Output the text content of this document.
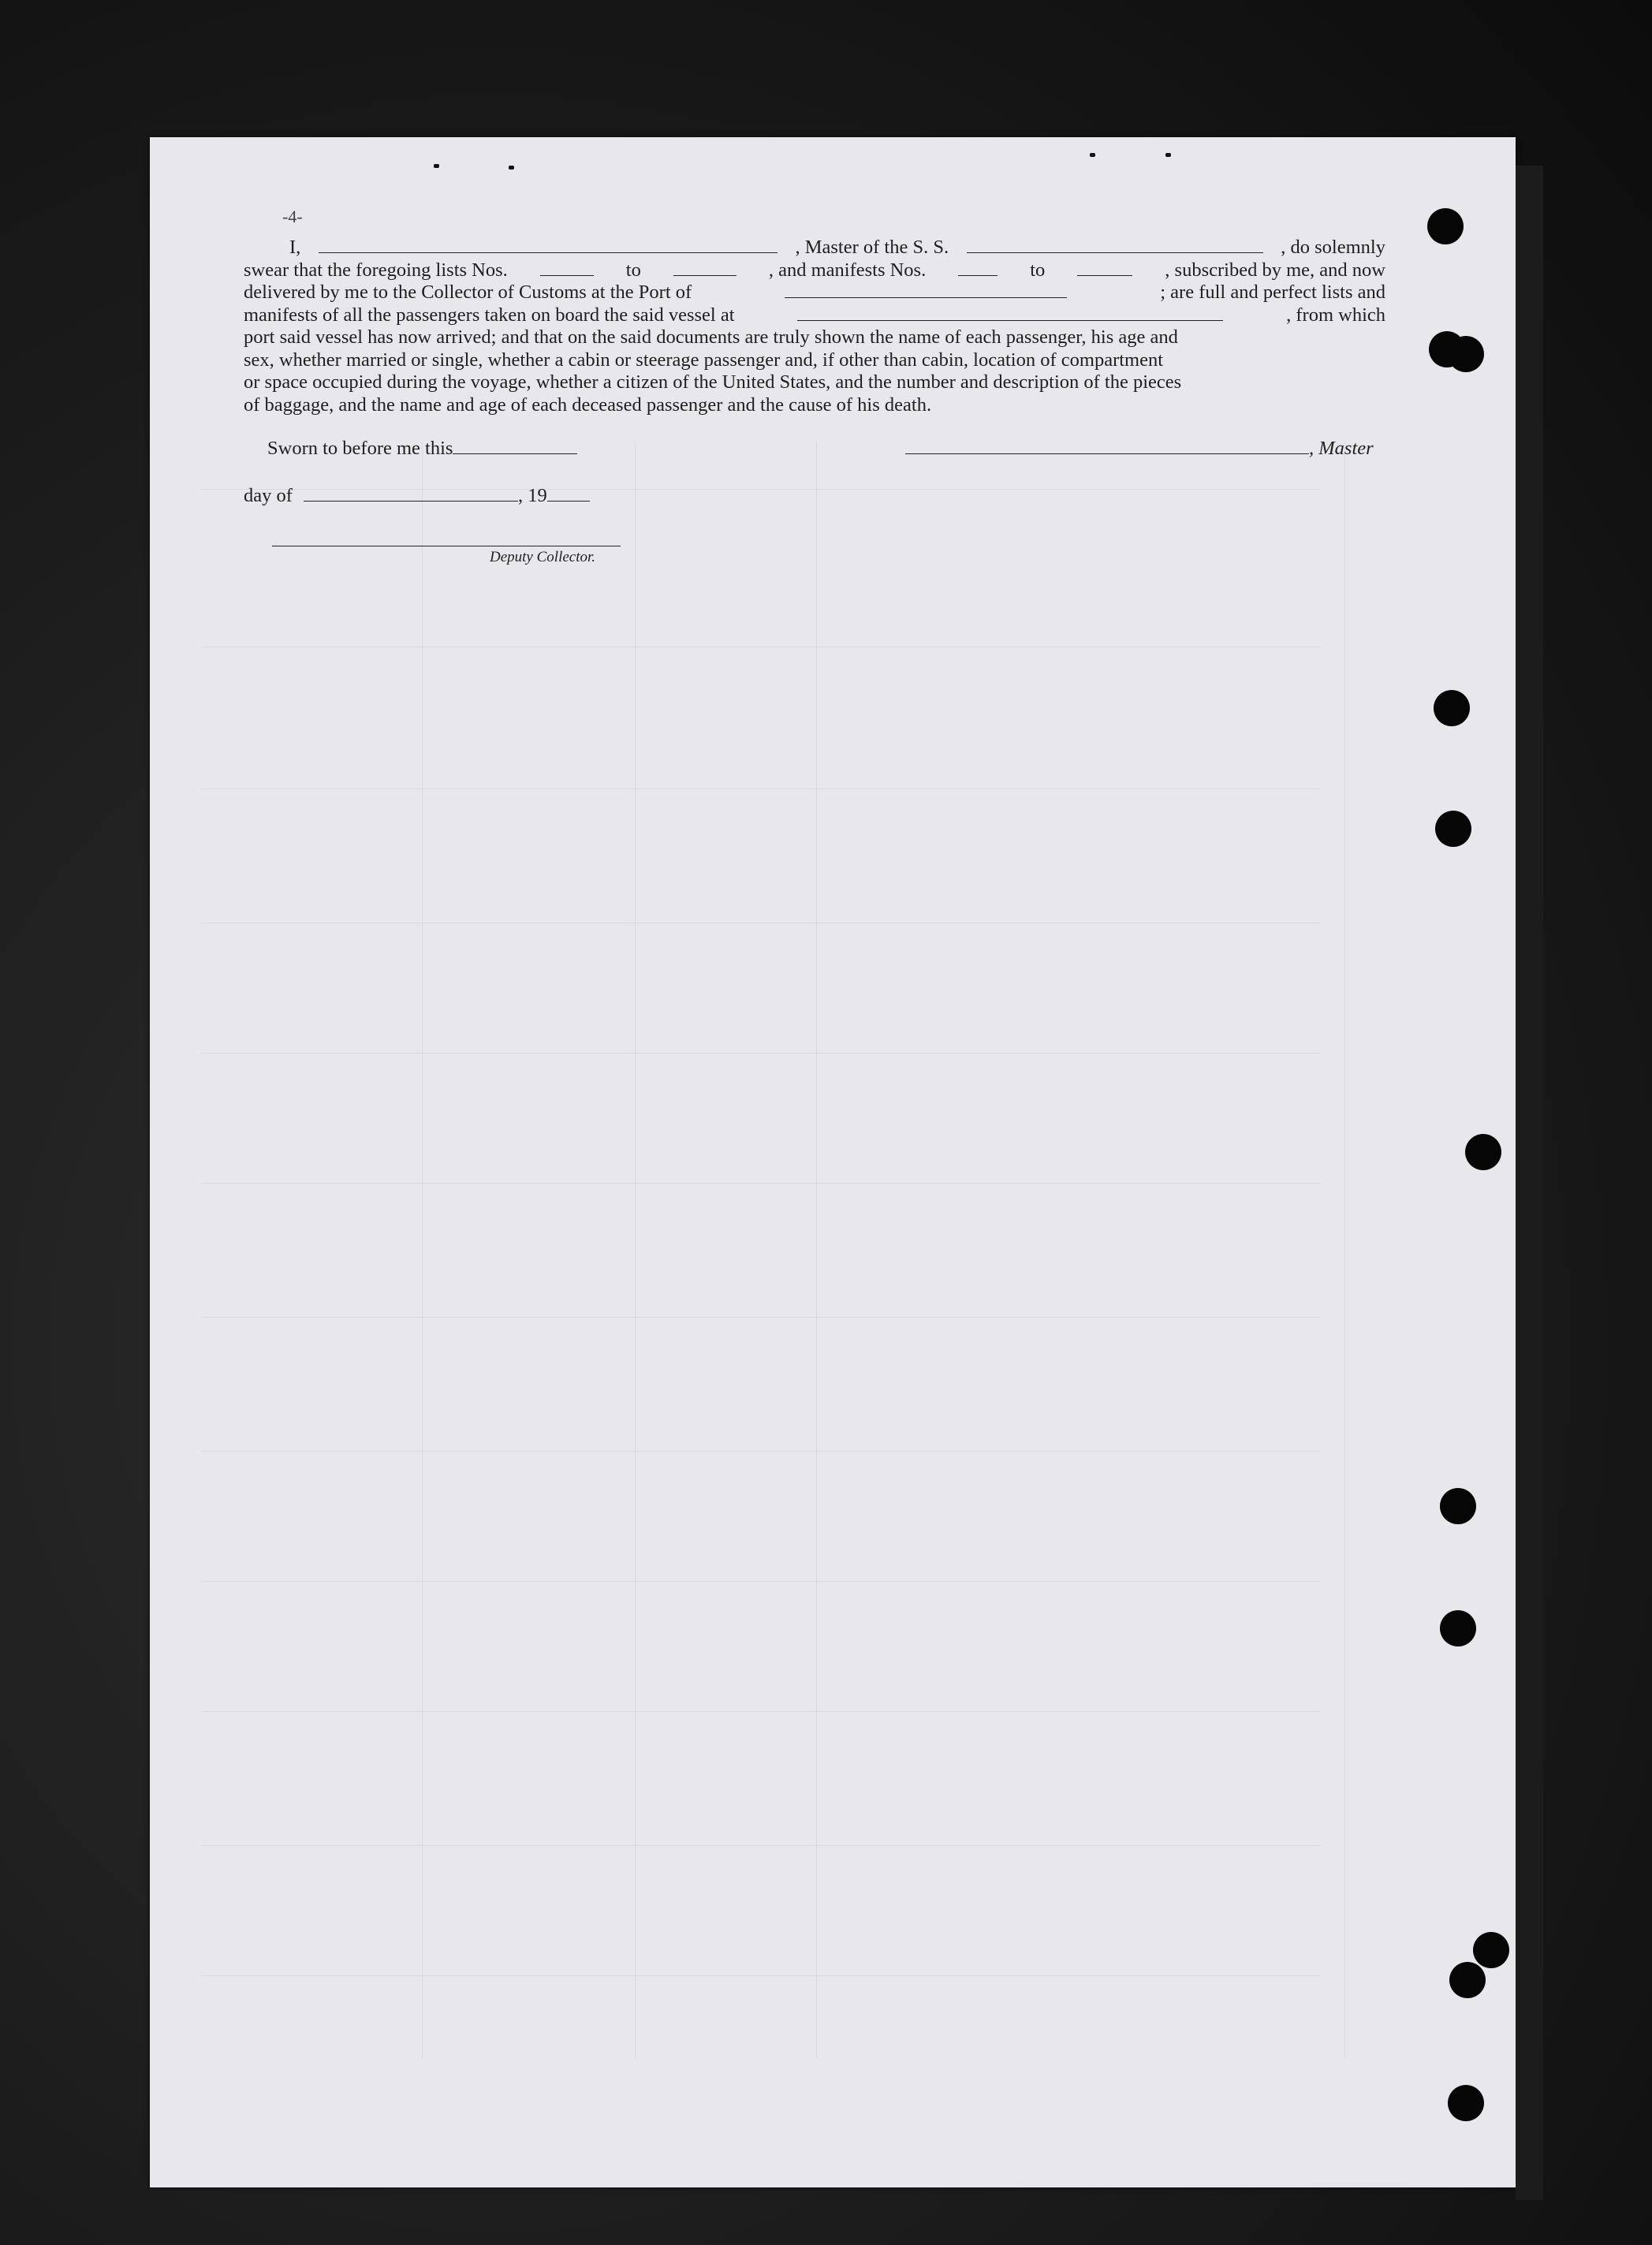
-4-
I,	, Master of the S. S.	, do solemnly
swear that the foregoing lists Nos.	to	, and manifests Nos.	to	, subscribed by me, and now
delivered by me to the Collector of Customs at the Port of	; are full and perfect lists and
manifests of all the passengers taken on board the said vessel at	, from which
port said vessel has now arrived; and that on the said documents are truly shown the name of each passenger, his age and
sex, whether married or single, whether a cabin or steerage passenger and, if other than cabin, location of compartment
or space occupied during the voyage, whether a citizen of the United States, and the number and description of the pieces
of baggage, and the name and age of each deceased passenger and the cause of his death.
Sworn to before me this
day of	, 19
Deputy Collector.
, Master
